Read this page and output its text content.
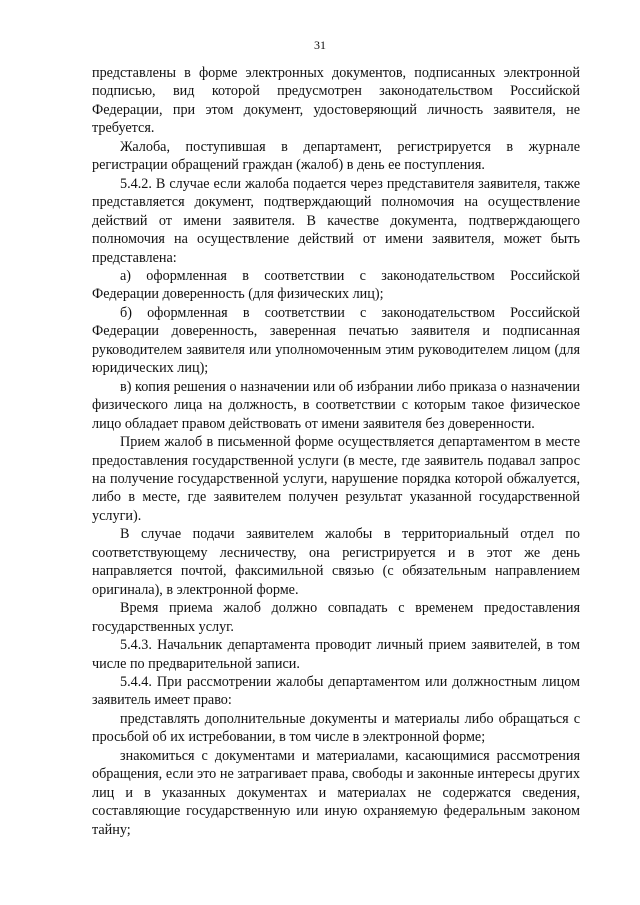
31

представлены в форме электронных документов, подписанных электронной подписью, вид которой предусмотрен законодательством Российской Федерации, при этом документ, удостоверяющий личность заявителя, не требуется.

Жалоба, поступившая в департамент, регистрируется в журнале регистрации обращений граждан (жалоб) в день ее поступления.

5.4.2. В случае если жалоба подается через представителя заявителя, также представляется документ, подтверждающий полномочия на осуществление действий от имени заявителя. В качестве документа, подтверждающего полномочия на осуществление действий от имени заявителя, может быть представлена:

а) оформленная в соответствии с законодательством Российской Федерации доверенность (для физических лиц);

б) оформленная в соответствии с законодательством Российской Федерации доверенность, заверенная печатью заявителя и подписанная руководителем заявителя или уполномоченным этим руководителем лицом (для юридических лиц);

в) копия решения о назначении или об избрании либо приказа о назначении физического лица на должность, в соответствии с которым такое физическое лицо обладает правом действовать от имени заявителя без доверенности.

Прием жалоб в письменной форме осуществляется департаментом в месте предоставления государственной услуги (в месте, где заявитель подавал запрос на получение государственной услуги, нарушение порядка которой обжалуется, либо в месте, где заявителем получен результат указанной государственной услуги).

В случае подачи заявителем жалобы в территориальный отдел по соответствующему лесничеству, она регистрируется и в этот же день направляется почтой, факсимильной связью (с обязательным направлением оригинала), в электронной форме.

Время приема жалоб должно совпадать с временем предоставления государственных услуг.

5.4.3. Начальник департамента проводит личный прием заявителей, в том числе по предварительной записи.

5.4.4. При рассмотрении жалобы департаментом или должностным лицом заявитель имеет право:

представлять дополнительные документы и материалы либо обращаться с просьбой об их истребовании, в том числе в электронной форме;

знакомиться с документами и материалами, касающимися рассмотрения обращения, если это не затрагивает права, свободы и законные интересы других лиц и в указанных документах и материалах не содержатся сведения, составляющие государственную или иную охраняемую федеральным законом тайну;
